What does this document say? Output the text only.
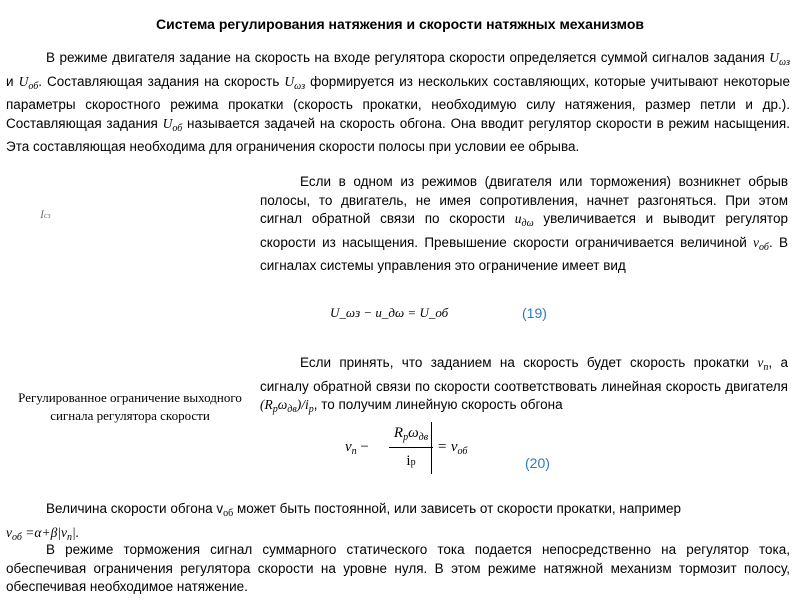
Система регулирования натяжения и скорости натяжных механизмов
В режиме двигателя задание на скорость на входе регулятора скорости определяется суммой сигналов задания $U_{\omega з}$ и $U_{об}$. Составляющая задания на скорость $U_{\omega з}$ формируется из нескольких составляющих, которые учитывают некоторые параметры скоростного режима прокатки (скорость прокатки, необходимую силу натяжения, размер петли и др.). Составляющая задания $U_{об}$ называется задачей на скорость обгона. Она вводит регулятор скорости в режим насыщения. Эта составляющая необходима для ограничения скорости полосы при условии ее обрыва.
Iсз
Если в одном из режимов (двигателя или торможения) возникнет обрыв полосы, то двигатель, не имея сопротивления, начнет разгоняться. При этом сигнал обратной связи по скорости $u_{д\omega}$ увеличивается и выводит регулятор скорости из насыщения. Превышение скорости ограничивается величиной $v_{об}$. В сигналах системы управления это ограничение имеет вид
U_ωз − u_дω = U_об	(19)
Если принять, что заданием на скорость будет скорость прокатки $v_п$, а сигналу обратной связи по скорости соответствовать линейная скорость двигателя $(R_р\omega_{дв})/i_р$, то получим линейную скорость обгона
Регулированное ограничение выходного сигнала регулятора скорости
$v_п$ −
$R_р\omega_{дв}$
iр
= $v_{об}$
(20)
Величина скорости обгона $v_{об}$ может быть постоянной, или зависеть от скорости прокатки, например
$v_{об} =\alpha+\beta|v_п|$.
В режиме торможения сигнал суммарного статического тока подается непосредственно на регулятор тока, обеспечивая ограничения регулятора скорости на уровне нуля. В этом режиме натяжной механизм тормозит полосу, обеспечивая необходимое натяжение.
